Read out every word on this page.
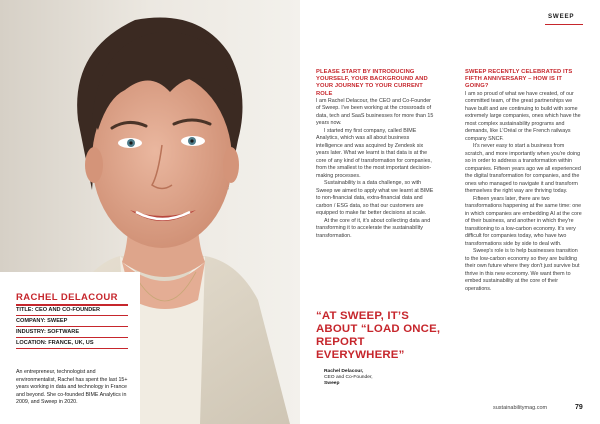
RACHEL DELACOUR
TITLE: CEO AND CO-FOUNDER
COMPANY: SWEEP
INDUSTRY: SOFTWARE
LOCATION: FRANCE, UK, US

An entrepreneur, technologist and environmentalist, Rachel has spent the last 15+ years working in data and technology in France and beyond. She co-founded BIME Analytics in 2009, and Sweep in 2020.

SWEEP
PLEASE START BY INTRODUCING YOURSELF, YOUR BACKGROUND AND YOUR JOURNEY TO YOUR CURRENT ROLE

I am Rachel Delacour, the CEO and Co-Founder of Sweep. I've been working at the crossroads of data, tech and SaaS businesses for more than 15 years now.

I started my first company, called BIME Analytics, which was all about business intelligence and was acquired by Zendesk six years later. What we learnt is that data is at the core of any kind of transformation for companies, from the smallest to the most important decision-making processes.

Sustainability is a data challenge, so with Sweep we aimed to apply what we learnt at BIME to non-financial data, extra-financial data and carbon / ESG data, so that our customers are equipped to make far better decisions at scale.

At the core of it, it's about collecting data and transforming it to accelerate the sustainability transformation.

“AT SWEEP, IT’S ABOUT “LOAD ONCE, REPORT EVERYWHERE”

Rachel Delacour,
CEO and Co-Founder,
Sweep
SWEEP RECENTLY CELEBRATED ITS FIFTH ANNIVERSARY – HOW IS IT GOING?

I am so proud of what we have created, of our committed team, of the great partnerships we have built and are continuing to build with some extremely large companies, ones which have the most complex sustainability programs and demands, like L'Oréal or the French railways company SNCF.

It's never easy to start a business from scratch, and more importantly when you're doing so in order to address a transformation within companies. Fifteen years ago we all experienced the digital transformation for companies, and the ones who managed to navigate it and transform themselves the right way are thriving today.

Fifteen years later, there are two transformations happening at the same time: one in which companies are embedding AI at the core of their business, and another in which they're transitioning to a low-carbon economy. It's very difficult for companies today, who have two transformations side by side to deal with.

Sweep's role is to help businesses transition to the low-carbon economy so they are building their own future where they don't just survive but thrive in this new economy. We want them to embed sustainability at the core of their operations.

sustainabilitymag.com	79
